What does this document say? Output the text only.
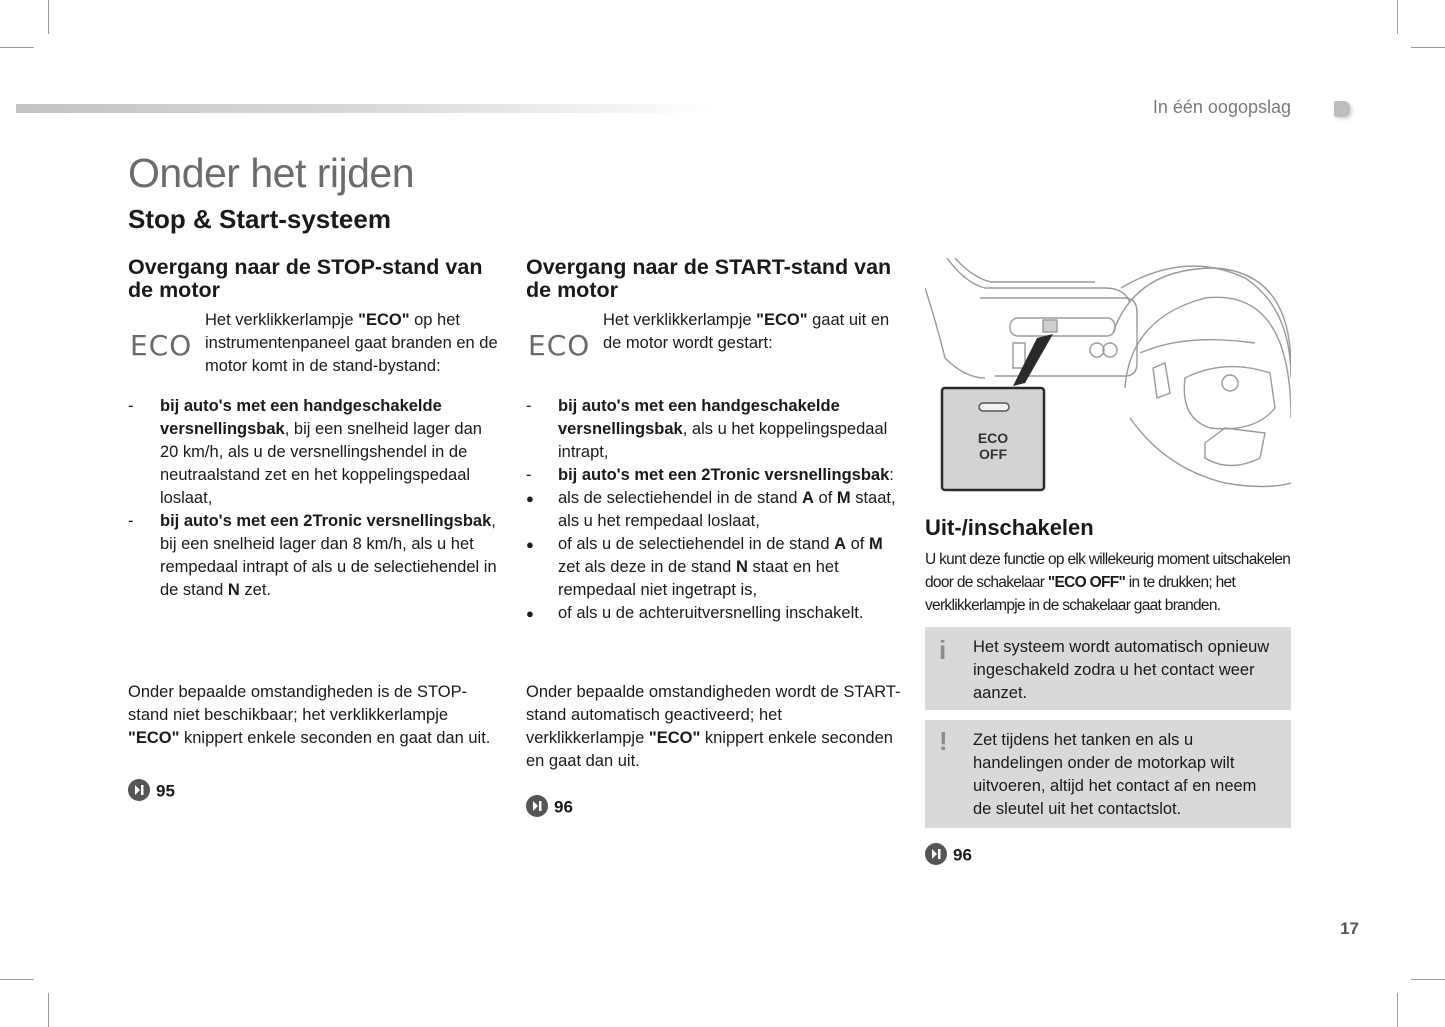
In één oogopslag
Onder het rijden
Stop & Start-systeem
Overgang naar de STOP-stand van de motor
ECO
Het verklikkerlampje "ECO" op het instrumentenpaneel gaat branden en de motor komt in de stand-bystand:
- bij auto's met een handgeschakelde versnellingsbak, bij een snelheid lager dan 20 km/h, als u de versnellingshendel in de neutraalstand zet en het koppelingspedaal loslaat,
- bij auto's met een 2Tronic versnellingsbak, bij een snelheid lager dan 8 km/h, als u het rempedaal intrapt of als u de selectiehendel in de stand N zet.
Onder bepaalde omstandigheden is de STOP-stand niet beschikbaar; het verklikkerlampje "ECO" knippert enkele seconden en gaat dan uit.
95
Overgang naar de START-stand van de motor
ECO
Het verklikkerlampje "ECO" gaat uit en de motor wordt gestart:
- bij auto's met een handgeschakelde versnellingsbak, als u het koppelingspedaal intrapt,
- bij auto's met een 2Tronic versnellingsbak:
● als de selectiehendel in de stand A of M staat, als u het rempedaal loslaat,
● of als u de selectiehendel in de stand A of M zet als deze in de stand N staat en het rempedaal niet ingetrapt is,
● of als u de achteruitversnelling inschakelt.
Onder bepaalde omstandigheden wordt de START-stand automatisch geactiveerd; het verklikkerlampje "ECO" knippert enkele seconden en gaat dan uit.
96
ECO
OFF
Uit-/inschakelen
U kunt deze functie op elk willekeurig moment uitschakelen door de schakelaar "ECO OFF" in te drukken; het verklikkerlampje in de schakelaar gaat branden.
i Het systeem wordt automatisch opnieuw ingeschakeld zodra u het contact weer aanzet.
! Zet tijdens het tanken en als u handelingen onder de motorkap wilt uitvoeren, altijd het contact af en neem de sleutel uit het contactslot.
96
17
